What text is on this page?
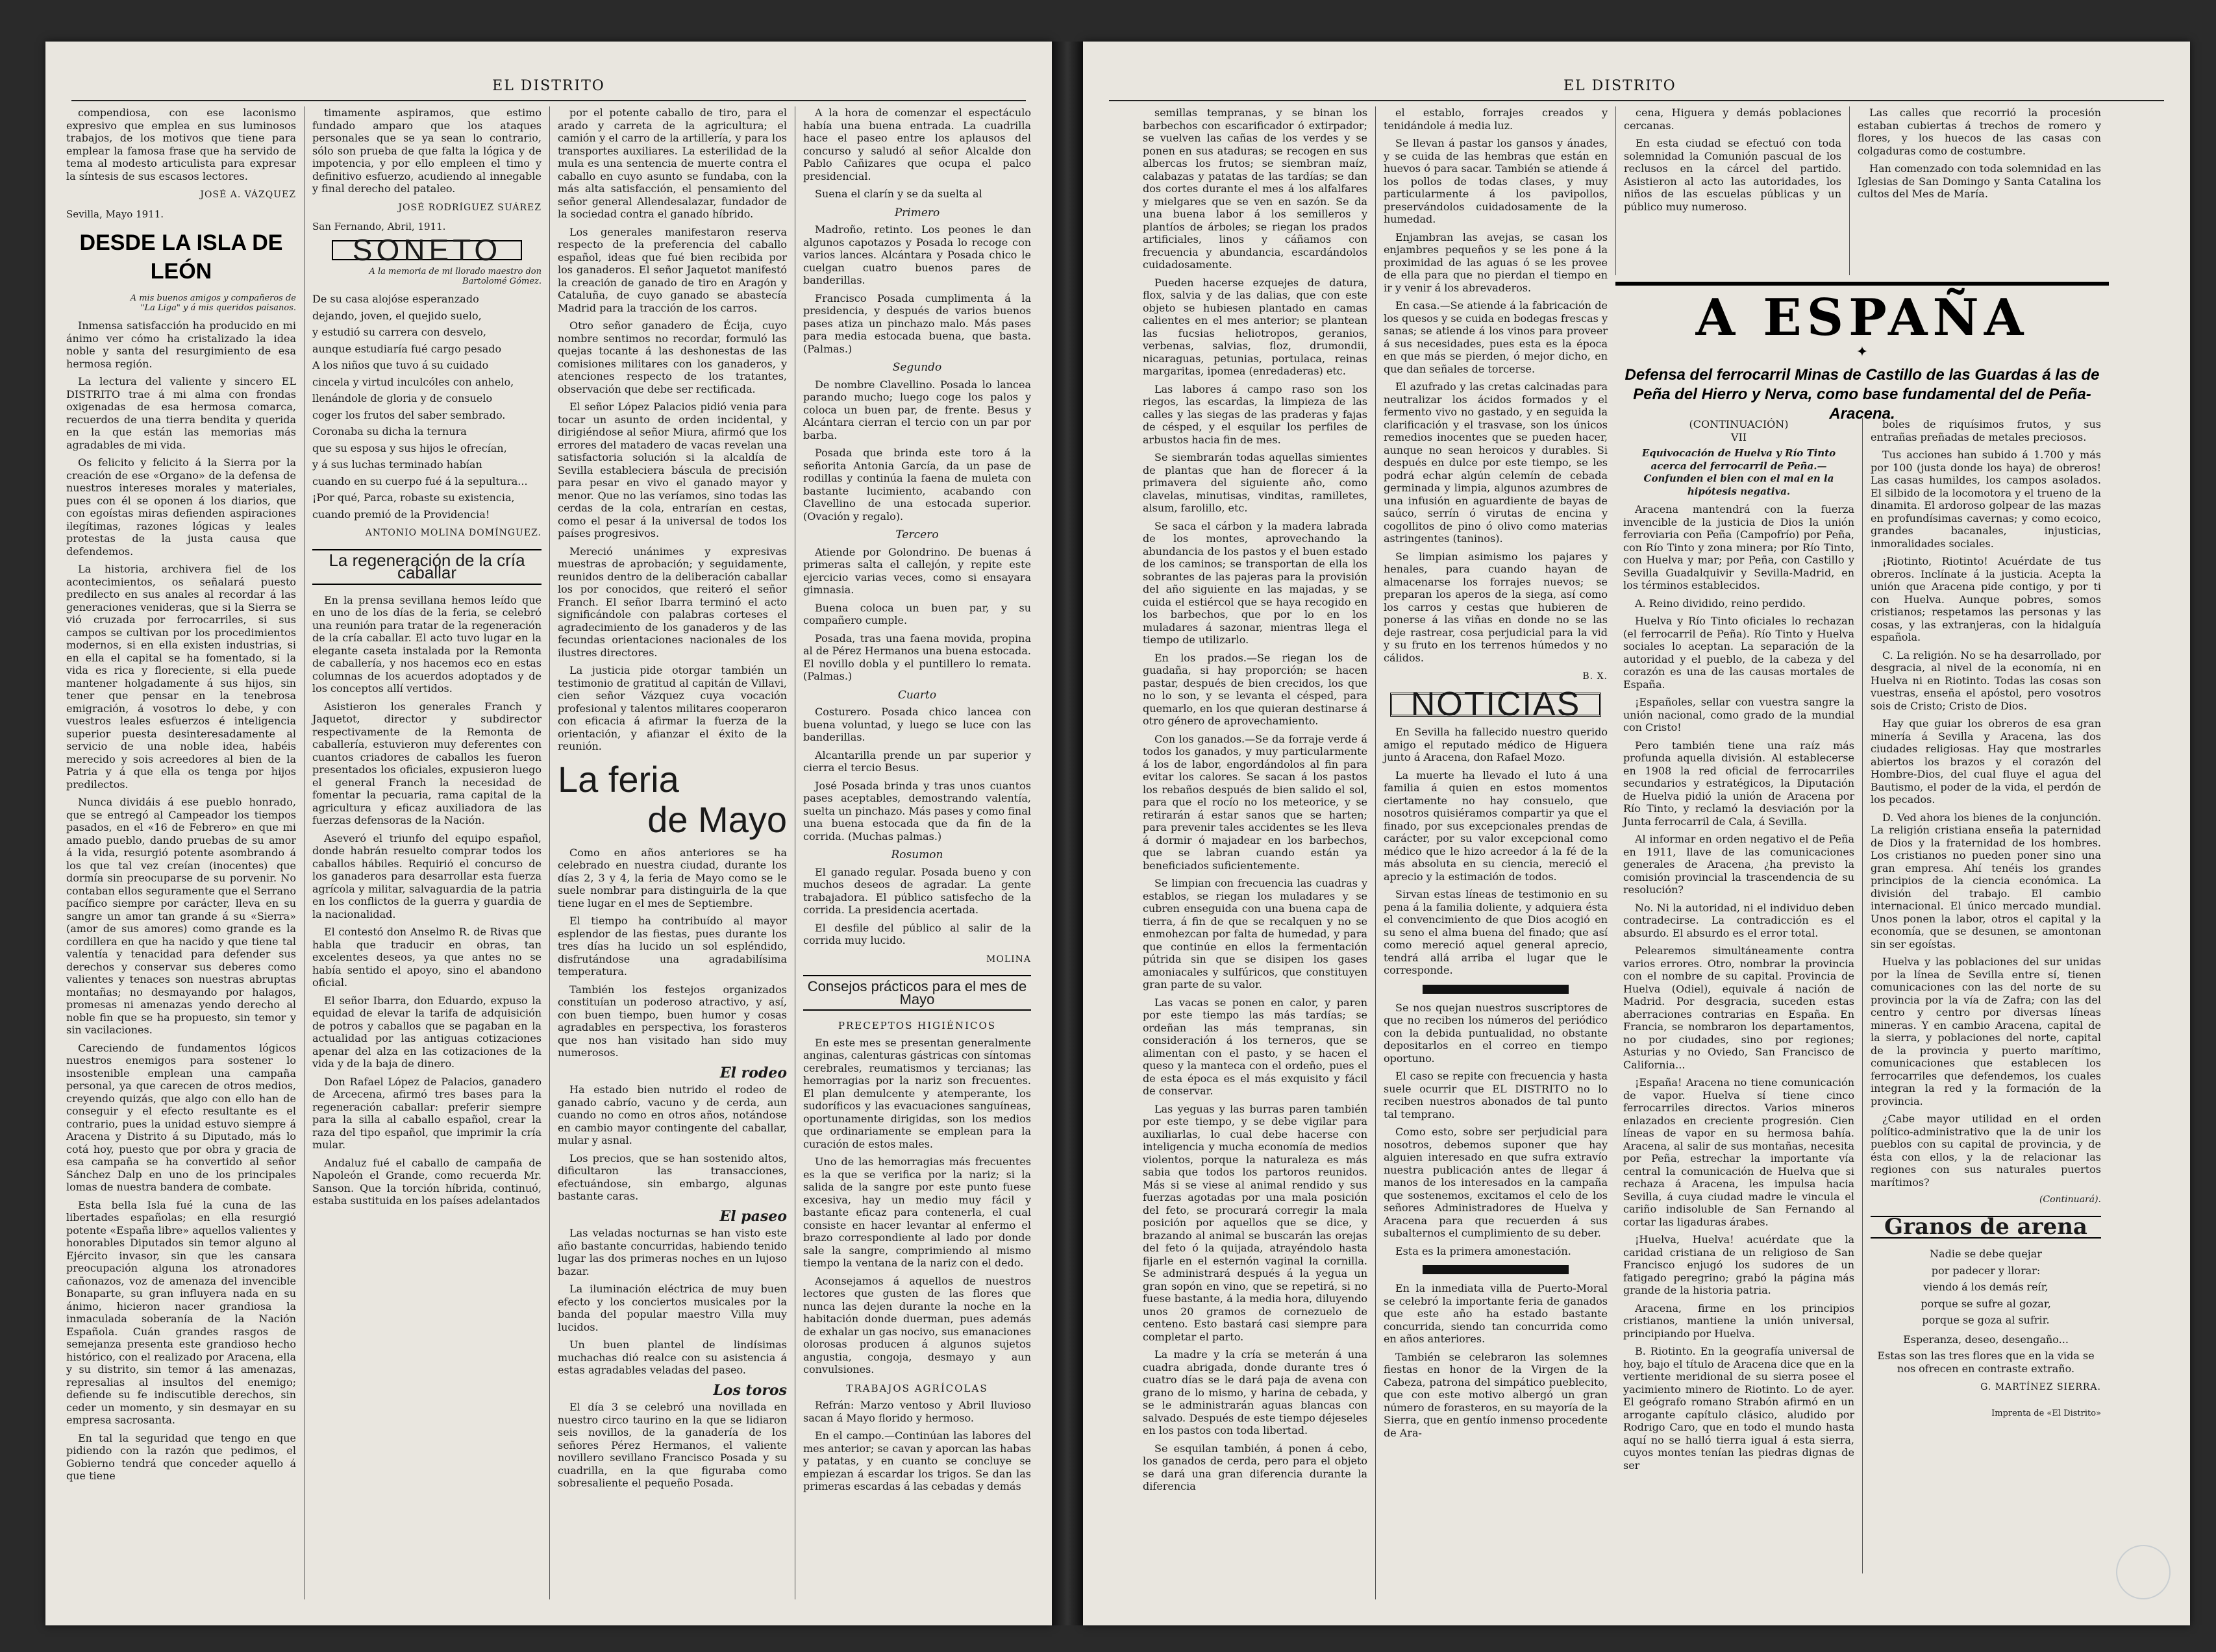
EL DISTRITO

compendiosa, con ese laconismo expresivo que emplea en sus luminosos trabajos, de los motivos que tiene para emplear la famosa frase que ha servido de tema al modesto articulista para expresar la síntesis de sus escasos lectores.

JOSÉ A. VÁZQUEZ
Sevilla, Mayo 1911.
DESDE LA ISLA DE LEÓN
A mis buenos amigos y compañeros de "La Liga" y á mis queridos paisanos.

Inmensa satisfacción ha producido en mi ánimo ver cómo ha cristalizado la idea noble y santa del resurgimiento de esa hermosa región.

La lectura del valiente y sincero EL DISTRITO trae á mi alma con frondas oxigenadas de esa hermosa comarca, recuerdos de una tierra bendita y querida en la que están las memorias más agradables de mi vida.

Os felicito y felicito á la Sierra por la creación de ese «Organo» de la defensa de nuestros intereses morales y materiales, pues con él se oponen á los diarios, que con egoístas miras defienden aspiraciones ilegítimas, razones lógicas y leales protestas de la justa causa que defendemos.

La historia, archivera fiel de los acontecimientos, os señalará puesto predilecto en sus anales al recordar á las generaciones venideras, que si la Sierra se vió cruzada por ferrocarriles, si sus campos se cultivan por los procedimientos modernos, si en ella existen industrias, si en ella el capital se ha fomentado, si la vida es rica y floreciente, si ella puede mantener holgadamente á sus hijos, sin tener que pensar en la tenebrosa emigración, á vosotros lo debe, y con vuestros leales esfuerzos é inteligencia superior puesta desinteresadamente al servicio de una noble idea, habéis merecido y sois acreedores al bien de la Patria y á que ella os tenga por hijos predilectos.

Nunca dividáis á ese pueblo honrado, que se entregó al Campeador los tiempos pasados, en el «16 de Febrero» en que mi amado pueblo, dando pruebas de su amor á la vida, resurgió potente asombrando á los que tal vez creían (inocentes) que dormía sin preocuparse de su porvenir. No contaban ellos seguramente que el Serrano pacífico siempre por carácter, lleva en su sangre un amor tan grande á su «Sierra» (amor de sus amores) como grande es la cordillera en que ha nacido y que tiene tal valentía y tenacidad para defender sus derechos y conservar sus deberes como valientes y tenaces son nuestras abruptas montañas; no desmayando por halagos, promesas ni amenazas yendo derecho al noble fin que se ha propuesto, sin temor y sin vacilaciones.

Careciendo de fundamentos lógicos nuestros enemigos para sostener lo insostenible emplean una campaña personal, ya que carecen de otros medios, creyendo quizás, que algo con ello han de conseguir y el efecto resultante es el contrario, pues la unidad estuvo siempre á Aracena y Distrito á su Diputado, más lo cotá hoy, puesto que por obra y gracia de esa campaña se ha convertido al señor Sánchez Dalp en uno de los principales lomas de nuestra bandera de combate.

Esta bella Isla fué la cuna de las libertades españolas; en ella resurgió potente «España libre» aquellos valientes y honorables Diputados sin temor alguno al Ejército invasor, sin que les cansara preocupación alguna los atronadores cañonazos, voz de amenaza del invencible Bonaparte, su gran influyera nada en su ánimo, hicieron nacer grandiosa la inmaculada soberanía de la Nación Española. Cuán grandes rasgos de semejanza presenta este grandioso hecho histórico, con el realizado por Aracena, ella y su distrito, sin temor á las amenazas, represalias al insultos del enemigo; defiende su fe indiscutible derechos, sin ceder un momento, y sin desmayar en su empresa sacrosanta.

En tal la seguridad que tengo en que pidiendo con la razón que pedimos, el Gobierno tendrá que conceder aquello á que tiene

timamente aspiramos, que estimo fundado amparo que los ataques personales que se ya sean lo contrario, sólo son prueba de que falta la lógica y de impotencia, y por ello empleen el timo y definitivo esfuerzo, acudiendo al innegable y final derecho del pataleo.

JOSÉ RODRÍGUEZ SUÁREZ
San Fernando, Abril, 1911.
SONETO
A la memoria de mi llorado maestro don Bartolomé Gómez.

De su casa alojóse esperanzado

dejando, joven, el quejido suelo,

y estudió su carrera con desvelo,

aunque estudiaría fué cargo pesado

A los niños que tuvo á su cuidado

cincela y virtud inculcóles con anhelo,

llenándole de gloria y de consuelo

coger los frutos del saber sembrado.

Coronaba su dicha la ternura

que su esposa y sus hijos le ofrecían,

y á sus luchas terminado habían

cuando en su cuerpo fué á la sepultura...

¡Por qué, Parca, robaste su existencia,

cuando premió de la Providencia!

ANTONIO MOLINA DOMÍNGUEZ.
La regeneración de la cría caballar

En la prensa sevillana hemos leído que en uno de los días de la feria, se celebró una reunión para tratar de la regeneración de la cría caballar. El acto tuvo lugar en la elegante caseta instalada por la Remonta de caballería, y nos hacemos eco en estas columnas de los acuerdos adoptados y de los conceptos allí vertidos.

Asistieron los generales Franch y Jaquetot, director y subdirector respectivamente de la Remonta de caballería, estuvieron muy deferentes con cuantos criadores de caballos les fueron presentados los oficiales, expusieron luego el general Franch la necesidad de fomentar la pecuaria, rama capital de la agricultura y eficaz auxiliadora de las fuerzas defensoras de la Nación.

Aseveró el triunfo del equipo español, donde habrán resuelto comprar todos los caballos hábiles. Requirió el concurso de los ganaderos para desarrollar esta fuerza agrícola y militar, salvaguardia de la patria en los conflictos de la guerra y guardia de la nacionalidad.

El contestó don Anselmo R. de Rivas que habla que traducir en obras, tan excelentes deseos, ya que antes no se había sentido el apoyo, sino el abandono oficial.

El señor Ibarra, don Eduardo, expuso la equidad de elevar la tarifa de adquisición de potros y caballos que se pagaban en la actualidad por las antiguas cotizaciones apenar del alza en las cotizaciones de la vida y de la baja de dinero.

Don Rafael López de Palacios, ganadero de Arcecena, afirmó tres bases para la regeneración caballar: preferir siempre para la silla al caballo español, crear la raza del tipo español, que imprimir la cría mular.

Andaluz fué el caballo de campaña de Napoleón el Grande, como recuerda Mr. Sanson. Que la torción híbrida, continuó, estaba sustituida en los países adelantados

por el potente caballo de tiro, para el arado y carreta de la agricultura; el camión y el carro de la artillería, y para los transportes auxiliares. La esterilidad de la mula es una sentencia de muerte contra el caballo en cuyo asunto se fundaba, con la más alta satisfacción, el pensamiento del señor general Allendesalazar, fundador de la sociedad contra el ganado híbrido.

Los generales manifestaron reserva respecto de la preferencia del caballo español, ideas que fué bien recibida por los ganaderos. El señor Jaquetot manifestó la creación de ganado de tiro en Aragón y Cataluña, de cuyo ganado se abastecía Madrid para la tracción de los carros.

Otro señor ganadero de Écija, cuyo nombre sentimos no recordar, formuló las quejas tocante á las deshonestas de las comisiones militares con los ganaderos, y atenciones respecto de los tratantes, observación que debe ser rectificada.

El señor López Palacios pidió venia para tocar un asunto de orden incidental, y dirigiéndose al señor Miura, afirmó que los errores del matadero de vacas revelan una satisfactoria solución si la alcaldía de Sevilla estableciera báscula de precisión para pesar en vivo el ganado mayor y menor. Que no las veríamos, sino todas las cerdas de la cola, entrarían en cestas, como el pesar á la universal de todos los países progresivos.

Mereció unánimes y expresivas muestras de aprobación; y seguidamente, reunidos dentro de la deliberación caballar los por conocidos, que reiteró el señor Franch. El señor Ibarra terminó el acto significándole con palabras corteses el agradecimiento de los ganaderos y de las fecundas orientaciones nacionales de los ilustres directores.

La justicia pide otorgar también un testimonio de gratitud al capitán de Villavi, cien señor Vázquez cuya vocación profesional y talentos militares cooperaron con eficacia á afirmar la fuerza de la orientación, y afianzar el éxito de la reunión.

La feria
de Mayo

Como en años anteriores se ha celebrado en nuestra ciudad, durante los días 2, 3 y 4, la feria de Mayo como se le suele nombrar para distinguirla de la que tiene lugar en el mes de Septiembre.

El tiempo ha contribuído al mayor esplendor de las fiestas, pues durante los tres días ha lucido un sol espléndido, disfrutándose una agradabilísima temperatura.

También los festejos organizados constituían un poderoso atractivo, y así, con buen tiempo, buen humor y cosas agradables en perspectiva, los forasteros que nos han visitado han sido muy numerosos.

El rodeo

Ha estado bien nutrido el rodeo de ganado cabrío, vacuno y de cerda, aun cuando no como en otros años, notándose en cambio mayor contingente del caballar, mular y asnal.

Los precios, que se han sostenido altos, dificultaron las transacciones, efectuándose, sin embargo, algunas bastante caras.

El paseo

Las veladas nocturnas se han visto este año bastante concurridas, habiendo tenido lugar las dos primeras noches en un lujoso bazar.

La iluminación eléctrica de muy buen efecto y los conciertos musicales por la banda del popular maestro Villa muy lucidos.

Un buen plantel de lindísimas muchachas dió realce con su asistencia á estas agradables veladas del paseo.

Los toros

El día 3 se celebró una novillada en nuestro circo taurino en la que se lidiaron seis novillos, de la ganadería de los señores Pérez Hermanos, el valiente novillero sevillano Francisco Posada y su cuadrilla, en la que figuraba como sobresaliente el pequeño Posada.

A la hora de comenzar el espectáculo había una buena entrada. La cuadrilla hace el paseo entre los aplausos del concurso y saludó al señor Alcalde don Pablo Cañizares que ocupa el palco presidencial.

Suena el clarín y se da suelta al

Primero

Madroño, retinto. Los peones le dan algunos capotazos y Posada lo recoge con varios lances. Alcántara y Posada chico le cuelgan cuatro buenos pares de banderillas.

Francisco Posada cumplimenta á la presidencia, y después de varios buenos pases atiza un pinchazo malo. Más pases para media estocada buena, que basta. (Palmas.)

Segundo

De nombre Clavellino. Posada lo lancea parando mucho; luego coge los palos y coloca un buen par, de frente. Besus y Alcántara cierran el tercio con un par por barba.

Posada que brinda este toro á la señorita Antonia García, da un pase de rodillas y continúa la faena de muleta con bastante lucimiento, acabando con Clavellino de una estocada superior. (Ovación y regalo).

Tercero

Atiende por Golondrino. De buenas á primeras salta el callejón, y repite este ejercicio varias veces, como si ensayara gimnasia.

Buena coloca un buen par, y su compañero cumple.

Posada, tras una faena movida, propina al de Pérez Hermanos una buena estocada. El novillo dobla y el puntillero lo remata. (Palmas.)

Cuarto

Costurero. Posada chico lancea con buena voluntad, y luego se luce con las banderillas.

Alcantarilla prende un par superior y cierra el tercio Besus.

José Posada brinda y tras unos cuantos pases aceptables, demostrando valentía, suelta un pinchazo. Más pases y como final una buena estocada que da fin de la corrida. (Muchas palmas.)

Rosumon

El ganado regular. Posada bueno y con muchos deseos de agradar. La gente trabajadora. El público satisfecho de la corrida. La presidencia acertada.

El desfile del público al salir de la corrida muy lucido.

MOLINA
Consejos prácticos para el mes de Mayo
PRECEPTOS HIGIÉNICOS

En este mes se presentan generalmente anginas, calenturas gástricas con síntomas cerebrales, reumatismos y tercianas; las hemorragias por la nariz son frecuentes. El plan demulcente y atemperante, los sudoríficos y las evacuaciones sanguíneas, oportunamente dirigidas, son los medios que ordinariamente se emplean para la curación de estos males.

Uno de las hemorragias más frecuentes es la que se verifica por la nariz; si la salida de la sangre por este punto fuese excesiva, hay un medio muy fácil y bastante eficaz para contenerla, el cual consiste en hacer levantar al enfermo el brazo correspondiente al lado por donde sale la sangre, comprimiendo al mismo tiempo la ventana de la nariz con el dedo.

Aconsejamos á aquellos de nuestros lectores que gusten de las flores que nunca las dejen durante la noche en la habitación donde duerman, pues además de exhalar un gas nocivo, sus emanaciones olorosas producen á algunos sujetos angustia, congoja, desmayo y aun convulsiones.

TRABAJOS AGRÍCOLAS

Refrán: Marzo ventoso y Abril lluvioso sacan á Mayo florido y hermoso.

En el campo.—Continúan las labores del mes anterior; se cavan y aporcan las habas y patatas, y en cuanto se concluye se empiezan á escardar los trigos. Se dan las primeras escardas á las cebadas y demás

EL DISTRITO

semillas tempranas, y se binan los barbechos con escarificador ó extirpador; se vuelven las cañas de los verdes y se ponen en sus ataduras; se recogen en sus albercas los frutos; se siembran maíz, calabazas y patatas de las tardías; se dan dos cortes durante el mes á los alfalfares y mielgares que se ven en sazón. Se da una buena labor á los semilleros y plantíos de árboles; se riegan los prados artificiales, linos y cáñamos con frecuencia y abundancia, escardándolos cuidadosamente.

Pueden hacerse ezquejes de datura, flox, salvia y de las dalias, que con este objeto se hubiesen plantado en camas calientes en el mes anterior; se plantean las fucsias heliotropos, geranios, verbenas, salvias, floz, drumondii, nicaraguas, petunias, portulaca, reinas margaritas, ipomea (enredaderas) etc.

Las labores á campo raso son los riegos, las escardas, la limpieza de las calles y las siegas de las praderas y fajas de césped, y el esquilar los perfiles de arbustos hacia fin de mes.

Se siembrarán todas aquellas simientes de plantas que han de florecer á la primavera del siguiente año, como clavelas, minutisas, vinditas, ramilletes, alsum, farolillo, etc.

Se saca el cárbon y la madera labrada de los montes, aprovechando la abundancia de los pastos y el buen estado de los caminos; se transportan de ella los sobrantes de las pajeras para la provisión del año siguiente en las majadas, y se cuida el estiércol que se haya recogido en los barbechos, que por lo en los muladares á sazonar, mientras llega el tiempo de utilizarlo.

En los prados.—Se riegan los de guadaña, si hay proporción; se hacen pastar, después de bien crecidos, los que no lo son, y se levanta el césped, para quemarlo, en los que quieran destinarse á otro género de aprovechamiento.

Con los ganados.—Se da forraje verde á todos los ganados, y muy particularmente á los de labor, engordándolos al fin para evitar los calores. Se sacan á los pastos los rebaños después de bien salido el sol, para que el rocío no los meteorice, y se retirarán á estar sanos que se harten; para prevenir tales accidentes se les lleva á dormir ó majadear en los barbechos, que se labran cuando están ya beneficiados suficientemente.

Se limpian con frecuencia las cuadras y establos, se riegan los muladares y se cubren enseguida con una buena capa de tierra, á fin de que se recalquen y no se enmohezcan por falta de humedad, y para que continúe en ellos la fermentación pútrida sin que se disipen los gases amoniacales y sulfúricos, que constituyen gran parte de su valor.

Las vacas se ponen en calor, y paren por este tiempo las más tardías; se ordeñan las más tempranas, sin consideración á los terneros, que se alimentan con el pasto, y se hacen el queso y la manteca con el ordeño, pues el de esta época es el más exquisito y fácil de conservar.

Las yeguas y las burras paren también por este tiempo, y se debe vigilar para auxiliarlas, lo cual debe hacerse con inteligencia y mucha economía de medios violentos, porque la naturaleza es más sabia que todos los partoros reunidos. Más si se viese al animal rendido y sus fuerzas agotadas por una mala posición del feto, se procurará corregir la mala posición por aquellos que se dice, y brazando al animal se buscarán las orejas del feto ó la quijada, atrayéndolo hasta fijarle en el esternón vaginal la cornilla. Se administrará después á la yegua un gran sopón en vino, que se repetirá, si no fuese bastante, á la media hora, diluyendo unos 20 gramos de cornezuelo de centeno. Esto bastará casi siempre para completar el parto.

La madre y la cría se meterán á una cuadra abrigada, donde durante tres ó cuatro días se le dará paja de avena con grano de lo mismo, y harina de cebada, y se le administrarán aguas blancas con salvado. Después de este tiempo déjeseles en los pastos con toda libertad.

Se esquilan también, á ponen á cebo, los ganados de cerda, pero para el objeto se dará una gran diferencia durante la diferencia

el establo, forrajes creados y tenidándole á media luz.

Se llevan á pastar los gansos y ánades, y se cuida de las hembras que están en huevos ó para sacar. También se atiende á los pollos de todas clases, y muy particularmente á los pavipollos, preservándolos cuidadosamente de la humedad.

Enjambran las avejas, se casan los enjambres pequeños y se les pone á la proximidad de las aguas ó se les provee de ella para que no pierdan el tiempo en ir y venir á los abrevaderos.

En casa.—Se atiende á la fabricación de los quesos y se cuida en bodegas frescas y sanas; se atiende á los vinos para proveer á sus necesidades, pues esta es la época en que más se pierden, ó mejor dicho, en que dan señales de torcerse.

El azufrado y las cretas calcinadas para neutralizar los ácidos formados y el fermento vivo no gastado, y en seguida la clarificación y el trasvase, son los únicos remedios inocentes que se pueden hacer, aunque no sean heroicos y durables. Si después en dulce por este tiempo, se les podrá echar algún celemín de cebada germinada y limpia, algunos azumbres de una infusión en aguardiente de bayas de saúco, serrín ó virutas de encina y cogollitos de pino ó olivo como materias astringentes (taninos).

Se limpian asimismo los pajares y henales, para cuando hayan de almacenarse los forrajes nuevos; se preparan los aperos de la siega, así como los carros y cestas que hubieren de ponerse á las viñas en donde no se las deje rastrear, cosa perjudicial para la vid y su fruto en los terrenos húmedos y no cálidos.

B. X.
NOTICIAS

En Sevilla ha fallecido nuestro querido amigo el reputado médico de Higuera junto á Aracena, don Rafael Mozo.

La muerte ha llevado el luto á una familia á quien en estos momentos ciertamente no hay consuelo, que nosotros quisiéramos compartir ya que el finado, por sus excepcionales prendas de carácter, por su valor excepcional como médico que le hizo acreedor á la fé de la más absoluta en su ciencia, mereció el aprecio y la estimación de todos.

Sirvan estas líneas de testimonio en su pena á la familia doliente, y adquiera ésta el convencimiento de que Dios acogió en su seno el alma buena del finado; que así como mereció aquel general aprecio, tendrá allá arriba el lugar que le corresponde.

Se nos quejan nuestros suscriptores de que no reciben los números del periódico con la debida puntualidad, no obstante depositarlos en el correo en tiempo oportuno.

El caso se repite con frecuencia y hasta suele ocurrir que EL DISTRITO no lo reciben nuestros abonados de tal punto tal temprano.

Como esto, sobre ser perjudicial para nosotros, debemos suponer que hay alguien interesado en que sufra extravío nuestra publicación antes de llegar á manos de los interesados en la campaña que sostenemos, excitamos el celo de los señores Administradores de Huelva y Aracena para que recuerden á sus subalternos el cumplimiento de su deber.

Esta es la primera amonestación.

En la inmediata villa de Puerto-Moral se celebró la importante feria de ganados que este año ha estado bastante concurrida, siendo tan concurrida como en años anteriores.

También se celebraron las solemnes fiestas en honor de la Virgen de la Cabeza, patrona del simpático pueblecito, que con este motivo albergó un gran número de forasteros, en su mayoría de la Sierra, que en gentío inmenso procedente de Ara-

cena, Higuera y demás poblaciones cercanas.

En esta ciudad se efectuó con toda solemnidad la Comunión pascual de los reclusos en la cárcel del partido. Asistieron al acto las autoridades, los niños de las escuelas públicas y un público muy numeroso.

Las calles que recorrió la procesión estaban cubiertas á trechos de romero y flores, y los huecos de las casas con colgaduras como de costumbre.

Han comenzado con toda solemnidad en las Iglesias de San Domingo y Santa Catalina los cultos del Mes de María.

A ESPAÑA
✦
Defensa del ferrocarril Minas de Castillo de las Guardas á las de Peña del Hierro y Nerva, como base fundamental del de Peña-Aracena.
(CONTINUACIÓN)
VII
Equivocación de Huelva y Río Tinto acerca del ferrocarril de Peña.—Confunden el bien con el mal en la hipótesis negativa.

Aracena mantendrá con la fuerza invencible de la justicia de Dios la unión ferroviaria con Peña (Campofrío) por Peña, con Río Tinto y zona minera; por Río Tinto, con Huelva y mar; por Peña, con Castillo y Sevilla Guadalquivir y Sevilla-Madrid, en los términos establecidos.

A. Reino dividido, reino perdido.

Huelva y Río Tinto oficiales lo rechazan (el ferrocarril de Peña). Río Tinto y Huelva sociales lo aceptan. La separación de la autoridad y el pueblo, de la cabeza y del corazón es una de las causas mortales de España.

¡Españoles, sellar con vuestra sangre la unión nacional, como grado de la mundial con Cristo!

Pero también tiene una raíz más profunda aquella división. Al establecerse en 1908 la red oficial de ferrocarriles secundarios y estratégicos, la Diputación de Huelva pidió la unión de Aracena por Río Tinto, y reclamó la desviación por la Junta ferrocarril de Cala, á Sevilla.

Al informar en orden negativo el de Peña en 1911, llave de las comunicaciones generales de Aracena, ¿ha previsto la comisión provincial la trascendencia de su resolución?

No. Ni la autoridad, ni el individuo deben contradecirse. La contradicción es el absurdo. El absurdo es el error total.

Pelearemos simultáneamente contra varios errores. Otro, nombrar la provincia con el nombre de su capital. Provincia de Huelva (Odiel), equivale á nación de Madrid. Por desgracia, suceden estas aberraciones contrarias en España. En Francia, se nombraron los departamentos, no por ciudades, sino por regiones; Asturias y no Oviedo, San Francisco de California...

¡España! Aracena no tiene comunicación de vapor. Huelva sí tiene cinco ferrocarriles directos. Varios mineros enlazados en creciente progresión. Cien líneas de vapor en su hermosa bahía. Aracena, al salir de sus montañas, necesita por Peña, estrechar la importante vía central la comunicación de Huelva que si rechaza á Aracena, les impulsa hacia Sevilla, á cuya ciudad madre le vincula el cariño indisoluble de San Fernando al cortar las ligaduras árabes.

¡Huelva, Huelva! acuérdate que la caridad cristiana de un religioso de San Francisco enjugó los sudores de un fatigado peregrino; grabó la página más grande de la historia patria.

Aracena, firme en los principios cristianos, mantiene la unión universal, principiando por Huelva.

B. Riotinto. En la geografía universal de hoy, bajo el título de Aracena dice que en la vertiente meridional de su sierra posee el yacimiento minero de Riotinto. Lo de ayer. El geógrafo romano Strabón afirmó en un arrogante capítulo clásico, aludido por Rodrigo Caro, que en todo el mundo hasta aquí no se halló tierra igual á esta sierra, cuyos montes tenían las piedras dignas de ser

boles de riquísimos frutos, y sus entrañas preñadas de metales preciosos.

Tus acciones han subido á 1.700 y más por 100 (justa donde los haya) de obreros! Las casas humildes, los campos asolados. El silbido de la locomotora y el trueno de la dinamita. El ardoroso golpear de las mazas en profundísimas cavernas; y como ecoico, grandes bacanales, injusticias, inmoralidades sociales.

¡Riotinto, Riotinto! Acuérdate de tus obreros. Inclínate á la justicia. Acepta la unión que Aracena pide contigo, y por ti con Huelva. Aunque pobres, somos cristianos; respetamos las personas y las cosas, y las extranjeras, con la hidalguía española.

C. La religión. No se ha desarrollado, por desgracia, al nivel de la economía, ni en Huelva ni en Riotinto. Todas las cosas son vuestras, enseña el apóstol, pero vosotros sois de Cristo; Cristo de Dios.

Hay que guiar los obreros de esa gran minería á Sevilla y Aracena, las dos ciudades religiosas. Hay que mostrarles abiertos los brazos y el corazón del Hombre-Dios, del cual fluye el agua del Bautismo, el poder de la vida, el perdón de los pecados.

D. Ved ahora los bienes de la conjunción. La religión cristiana enseña la paternidad de Dios y la fraternidad de los hombres. Los cristianos no pueden poner sino una gran empresa. Ahí tenéis los grandes principios de la ciencia económica. La división del trabajo. El cambio internacional. El único mercado mundial. Unos ponen la labor, otros el capital y la economía, que se desunen, se amontonan sin ser egoístas.

Huelva y las poblaciones del sur unidas por la línea de Sevilla entre sí, tienen comunicaciones con las del norte de su provincia por la vía de Zafra; con las del centro y centro por diversas líneas mineras. Y en cambio Aracena, capital de la sierra, y poblaciones del norte, capital de la provincia y puerto marítimo, comunicaciones que establecen los ferrocarriles que defendemos, los cuales integran la red y la formación de la provincia.

¿Cabe mayor utilidad en el orden político-administrativo que la de unir los pueblos con su capital de provincia, y de ésta con ellos, y la de relacionar las regiones con sus naturales puertos marítimos?

(Continuará).
Granos de arena

Nadie se debe quejar

por padecer y llorar:

viendo á los demás reír,

porque se sufre al gozar,

porque se goza al sufrir.

Esperanza, deseo, desengaño...

Estas son las tres flores que en la vida se nos ofrecen en contraste extraño.

G. MARTÍNEZ SIERRA.
Imprenta de «El Distrito»
